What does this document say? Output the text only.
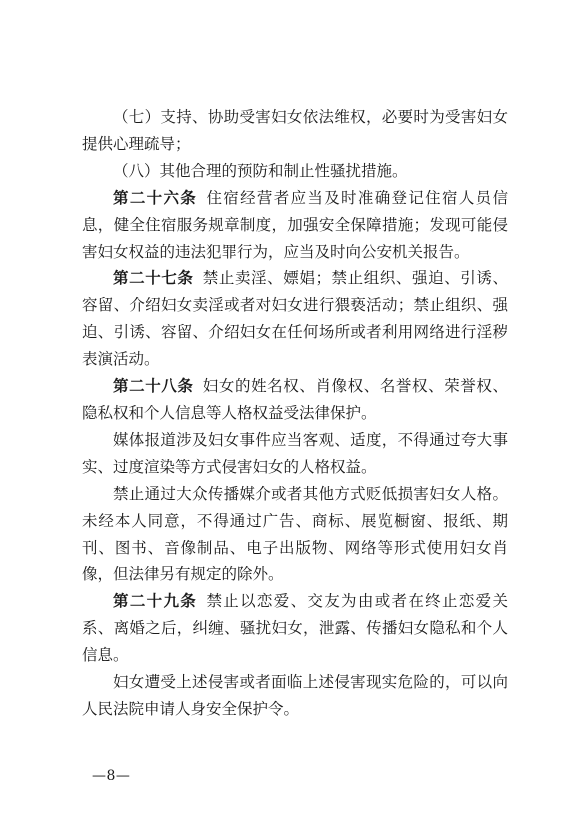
（七）支持、协助受害妇女依法维权，必要时为受害妇女提供心理疏导；

（八）其他合理的预防和制止性骚扰措施。

第二十六条 住宿经营者应当及时准确登记住宿人员信息，健全住宿服务规章制度，加强安全保障措施；发现可能侵害妇女权益的违法犯罪行为，应当及时向公安机关报告。

第二十七条 禁止卖淫、嫖娼；禁止组织、强迫、引诱、容留、介绍妇女卖淫或者对妇女进行猥亵活动；禁止组织、强迫、引诱、容留、介绍妇女在任何场所或者利用网络进行淫秽表演活动。

第二十八条 妇女的姓名权、肖像权、名誉权、荣誉权、隐私权和个人信息等人格权益受法律保护。

媒体报道涉及妇女事件应当客观、适度，不得通过夸大事实、过度渲染等方式侵害妇女的人格权益。

禁止通过大众传播媒介或者其他方式贬低损害妇女人格。未经本人同意，不得通过广告、商标、展览橱窗、报纸、期刊、图书、音像制品、电子出版物、网络等形式使用妇女肖像，但法律另有规定的除外。

第二十九条 禁止以恋爱、交友为由或者在终止恋爱关系、离婚之后，纠缠、骚扰妇女，泄露、传播妇女隐私和个人信息。

妇女遭受上述侵害或者面临上述侵害现实危险的，可以向人民法院申请人身安全保护令。

—8—
